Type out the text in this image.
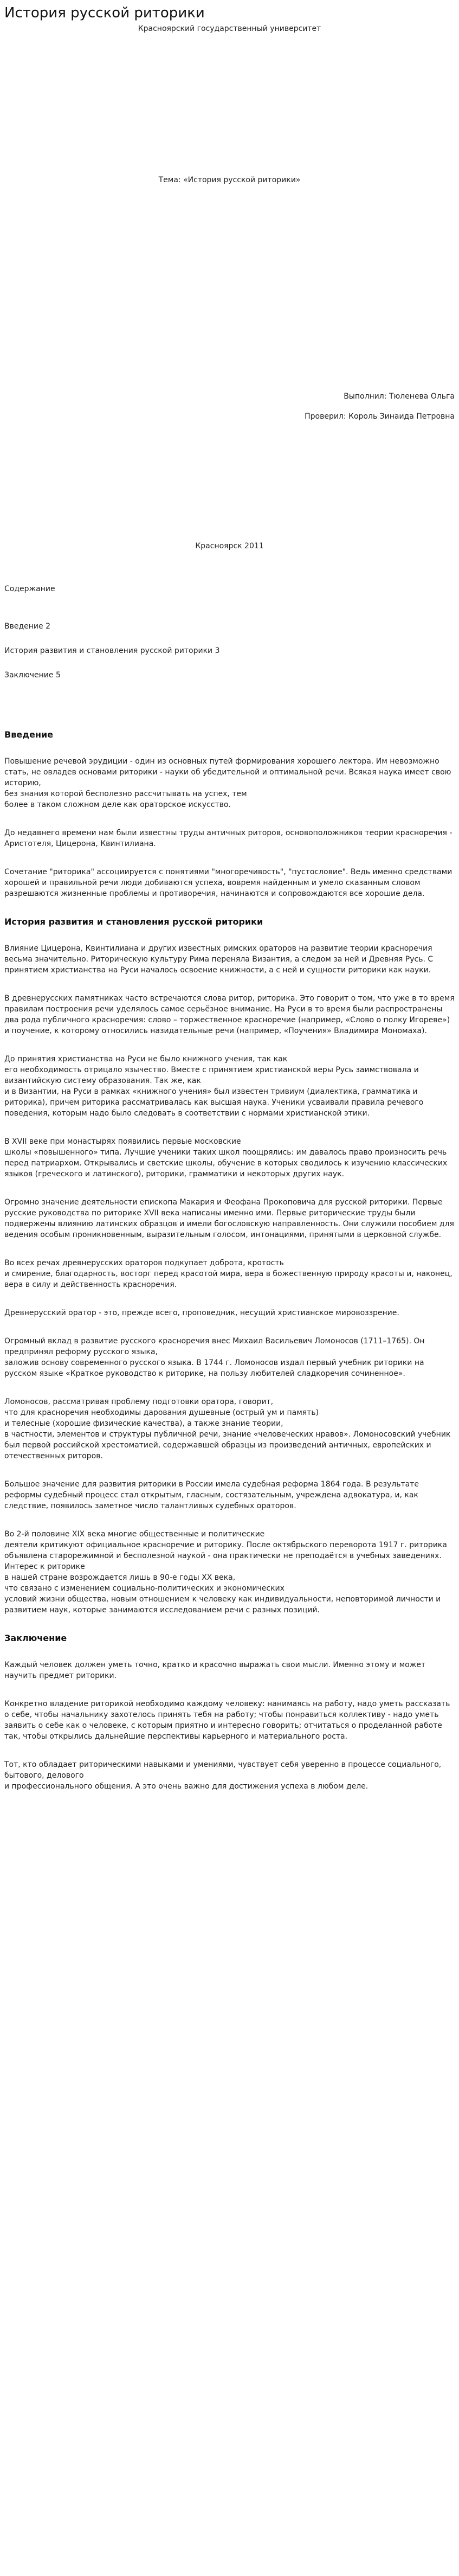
История русской риторики
Красноярский государственный университет
Тема: «История русской риторики»
Выполнил: Тюленева Ольга
Проверил: Король Зинаида Петровна
Красноярск 2011
Содержание
Введение 2
История развития и становления русской риторики 3
Заключение 5
Введение

Повышение речевой эрудиции - один из основных путей формирования хорошего лектора. Им невозможно стать, не овладев основами риторики - науки об убедительной и оптимальной речи. Всякая наука имеет свою историю,
без знания которой бесполезно рассчитывать на успех, тем
более в таком сложном деле как ораторское искусство.

До недавнего времени нам были известны труды античных риторов, основоположников теории красноречия - Аристотеля, Цицерона, Квинтилиана.

Сочетание "риторика" ассоциируется с понятиями "многоречивость", "пустословие". Ведь именно средствами хорошей и правильной речи люди добиваются успеха, вовремя найденным и умело сказанным словом разрешаются жизненные проблемы и противоречия, начинаются и сопровождаются все хорошие дела.

История развития и становления русской риторики

Влияние Цицерона, Квинтилиана и других известных римских ораторов на развитие теории красноречия весьма значительно. Риторическую культуру Рима переняла Византия, а следом за ней и Древняя Русь. С принятием христианства на Руси началось освоение книжности, а с ней и сущности риторики как науки.

В древнерусских памятниках часто встречаются слова ритор, риторика. Это говорит о том, что уже в то время правилам построения речи уделялось самое серьёзное внимание. На Руси в то время были распространены два рода публичного красноречия: слово – торжественное красноречие (например, «Слово о полку Игореве») и поучение, к которому относились назидательные речи (например, «Поучения» Владимира Мономаха).

До принятия христианства на Руси не было книжного учения, так как
его необходимость отрицало язычество. Вместе с принятием христианской веры Русь заимствовала и византийскую систему образования. Так же, как
и в Византии, на Руси в рамках «книжного учения» был известен тривиум (диалектика, грамматика и риторика), причем риторика рассматривалась как высшая наука. Ученики усваивали правила речевого поведения, которым надо было следовать в соответствии с нормами христианской этики.

В XVII веке при монастырях появились первые московские
школы «повышенного» типа. Лучшие ученики таких школ поощрялись: им давалось право произносить речь перед патриархом. Открывались и светские школы, обучение в которых сводилось к изучению классических языков (греческого и латинского), риторики, грамматики и некоторых других наук.

Огромно значение деятельности епископа Макария и Феофана Прокоповича для русской риторики. Первые русские руководства по риторике XVII века написаны именно ими. Первые риторические труды были подвержены влиянию латинских образцов и имели богословскую направленность. Они служили пособием для ведения особым проникновенным, выразительным голосом, интонациями, принятыми в церковной службе.

Во всех речах древнерусских ораторов подкупает доброта, кротость
и смирение, благодарность, восторг перед красотой мира, вера в божественную природу красоты и, наконец, вера в силу и действенность красноречия.

Древнерусский оратор - это, прежде всего, проповедник, несущий христианское мировоззрение.

Огромный вклад в развитие русского красноречия внес Михаил Васильевич Ломоносов (1711–1765). Он предпринял реформу русского языка,
заложив основу современного русского языка. В 1744 г. Ломоносов издал первый учебник риторики на русском языке «Краткое руководство к риторике, на пользу любителей сладкоречия сочиненное».

Ломоносов, рассматривая проблему подготовки оратора, говорит,
что для красноречия необходимы дарования душевные (острый ум и память)
и телесные (хорошие физические качества), а также знание теории,
в частности, элементов и структуры публичной речи, знание «человеческих нравов». Ломоносовский учебник был первой российской хрестоматией, содержавшей образцы из произведений античных, европейских и отечественных риторов.

Большое значение для развития риторики в России имела судебная реформа 1864 года. В результате реформы судебный процесс стал открытым, гласным, состязательным, учреждена адвокатура, и, как следствие, появилось заметное число талантливых судебных ораторов.

Во 2-й половине XIX века многие общественные и политические
деятели критикуют официальное красноречие и риторику. После октябрьского переворота 1917 г. риторика объявлена старорежимной и бесполезной наукой - она практически не преподаётся в учебных заведениях. Интерес к риторике
в нашей стране возрождается лишь в 90-е годы XX века,
что связано с изменением социально-политических и экономических
условий жизни общества, новым отношением к человеку как индивидуальности, неповторимой личности и развитием наук, которые занимаются исследованием речи с разных позиций.

Заключение

Каждый человек должен уметь точно, кратко и красочно выражать свои мысли. Именно этому и может научить предмет риторики.

Конкретно владение риторикой необходимо каждому человеку: нанимаясь на работу, надо уметь рассказать о себе, чтобы начальнику захотелось принять тебя на работу; чтобы понравиться коллективу - надо уметь заявить о себе как о человеке, с которым приятно и интересно говорить; отчитаться о проделанной работе так, чтобы открылись дальнейшие перспективы карьерного и материального роста.

Тот, кто обладает риторическими навыками и умениями, чувствует себя уверенно в процессе социального, бытового, делового
и профессионального общения. А это очень важно для достижения успеха в любом деле.
